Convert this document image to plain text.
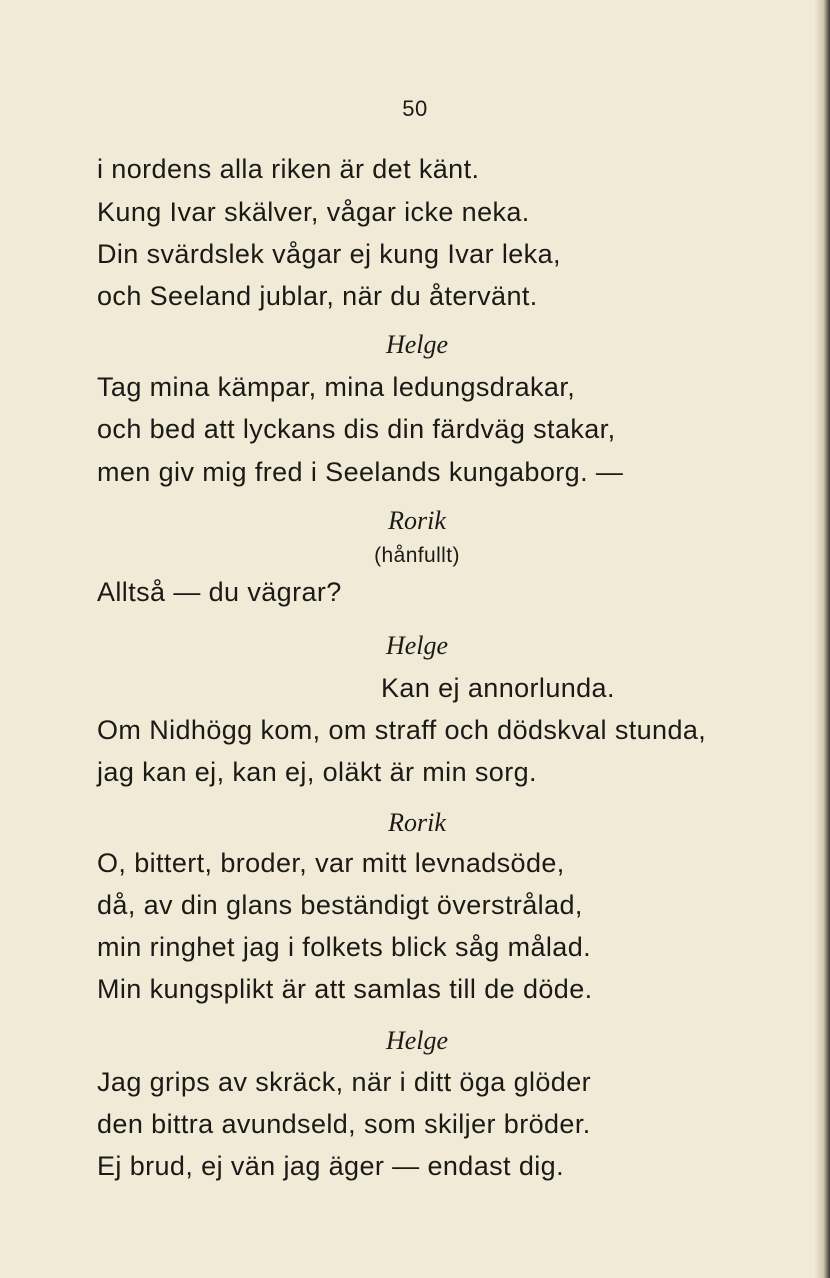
50
i nordens alla riken är det känt.
Kung Ivar skälver, vågar icke neka.
Din svärdslek vågar ej kung Ivar leka,
och Seeland jublar, när du återvänt.
Helge
Tag mina kämpar, mina ledungsdrakar,
och bed att lyckans dis din färdväg stakar,
men giv mig fred i Seelands kungaborg. —
Rorik
(hånfullt)
Alltså — du vägrar?
Helge
Kan ej annorlunda.
Om Nidhögg kom, om straff och dödskval stunda,
jag kan ej, kan ej, oläkt är min sorg.
Rorik
O, bittert, broder, var mitt levnadsöde,
då, av din glans beständigt överstrålad,
min ringhet jag i folkets blick såg målad.
Min kungsplikt är att samlas till de döde.
Helge
Jag grips av skräck, när i ditt öga glöder
den bittra avundseld, som skiljer bröder.
Ej brud, ej vän jag äger — endast dig.
